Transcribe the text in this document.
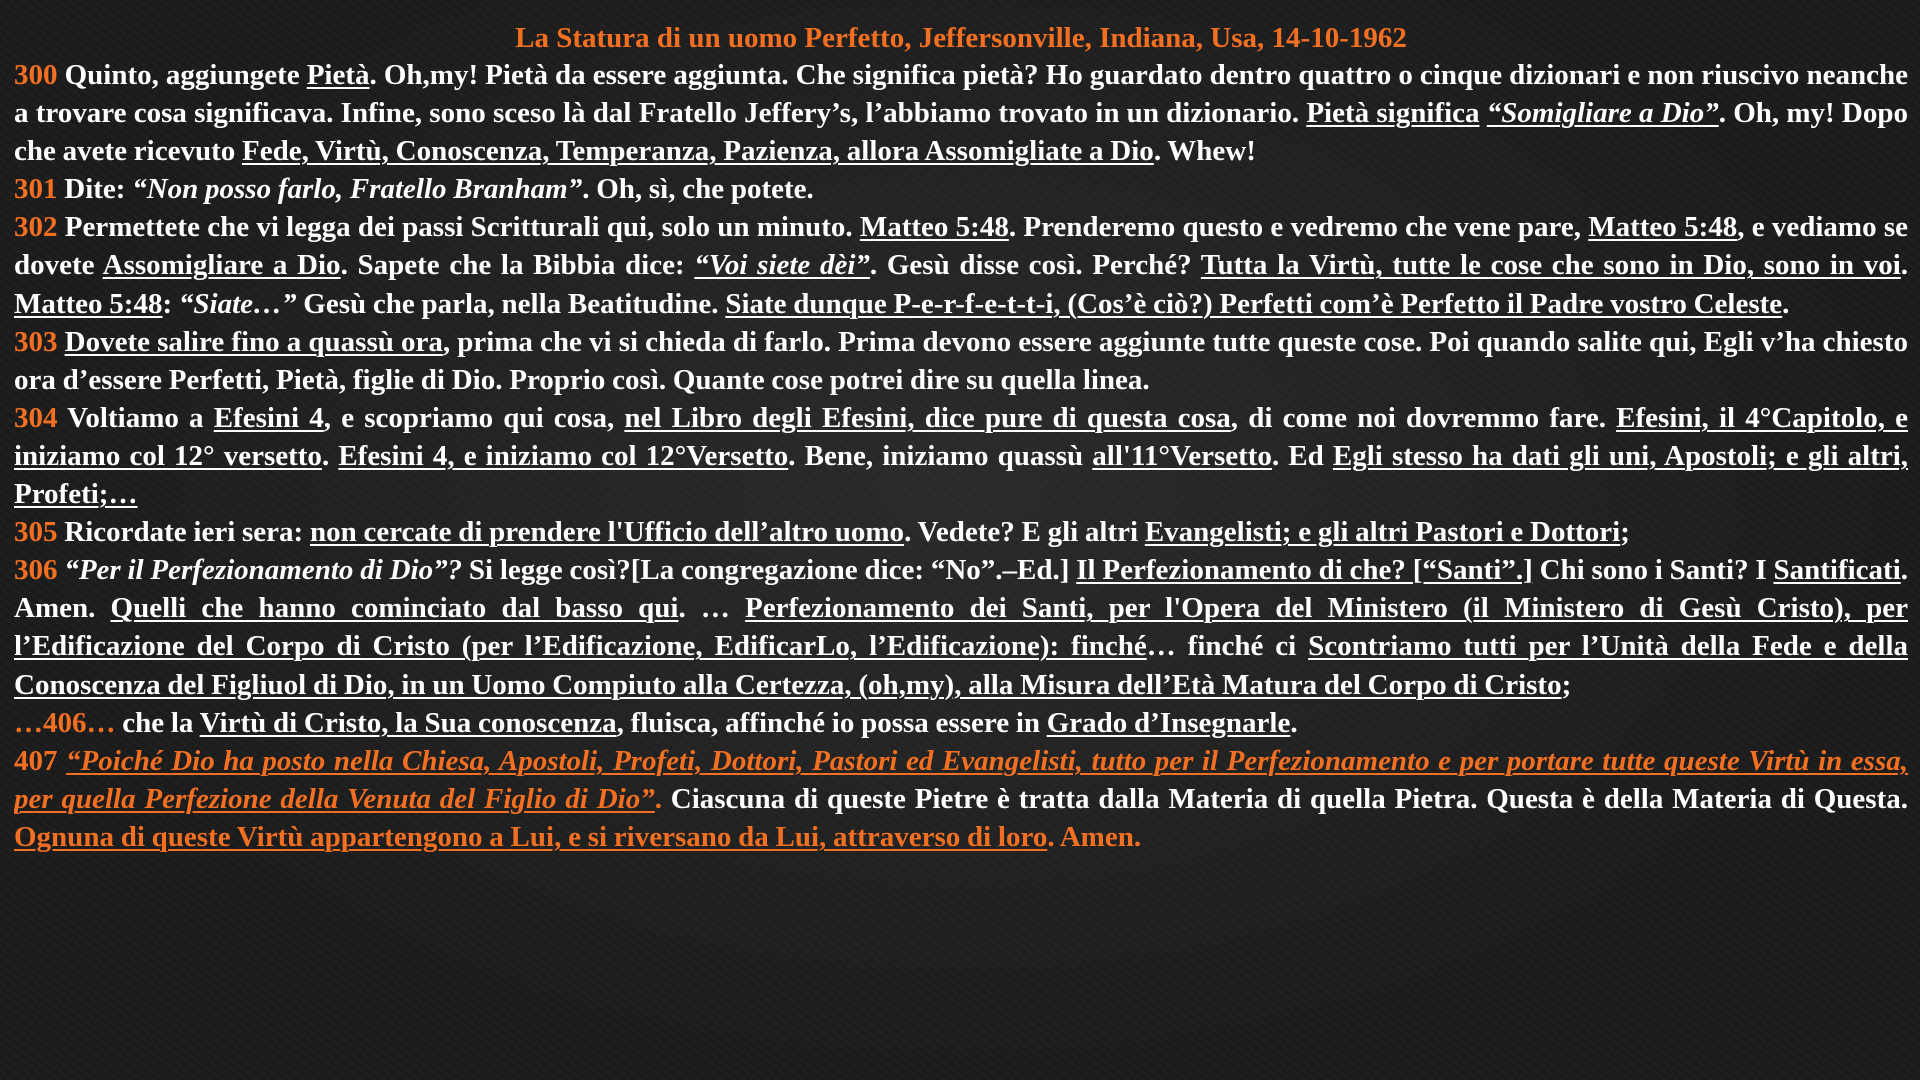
La Statura di un uomo Perfetto, Jeffersonville, Indiana, Usa, 14-10-1962

300 Quinto, aggiungete Pietà. Oh,my! Pietà da essere aggiunta. Che significa pietà? Ho guardato dentro quattro o cinque dizionari e non riuscivo neanche a trovare cosa significava. Infine, sono sceso là dal Fratello Jeffery’s, l’abbiamo trovato in un dizionario. Pietà significa “Somigliare a Dio”. Oh, my! Dopo che avete ricevuto Fede, Virtù, Conoscenza, Temperanza, Pazienza, allora Assomigliate a Dio. Whew!

301 Dite: “Non posso farlo, Fratello Branham”. Oh, sì, che potete.

302 Permettete che vi legga dei passi Scritturali qui, solo un minuto. Matteo 5:48. Prenderemo questo e vedremo che vene pare, Matteo 5:48, e vediamo se dovete Assomigliare a Dio. Sapete che la Bibbia dice: “Voi siete dèi”. Gesù disse così. Perché? Tutta la Virtù, tutte le cose che sono in Dio, sono in voi. Matteo 5:48: “Siate…” Gesù che parla, nella Beatitudine. Siate dunque P-e-r-f-e-t-t-i, (Cos’è ciò?) Perfetti com’è Perfetto il Padre vostro Celeste.

303 Dovete salire fino a quassù ora, prima che vi si chieda di farlo. Prima devono essere aggiunte tutte queste cose. Poi quando salite qui, Egli v’ha chiesto ora d’essere Perfetti, Pietà, figlie di Dio. Proprio così. Quante cose potrei dire su quella linea.

304 Voltiamo a Efesini 4, e scopriamo qui cosa, nel Libro degli Efesini, dice pure di questa cosa, di come noi dovremmo fare. Efesini, il 4°Capitolo, e iniziamo col 12° versetto. Efesini 4, e iniziamo col 12°Versetto. Bene, iniziamo quassù all'11°Versetto. Ed Egli stesso ha dati gli uni, Apostoli; e gli altri, Profeti;…

305 Ricordate ieri sera: non cercate di prendere l'Ufficio dell’altro uomo. Vedete? E gli altri Evangelisti; e gli altri Pastori e Dottori;

306 “Per il Perfezionamento di Dio”? Si legge così?[La congregazione dice: “No”.–Ed.] Il Perfezionamento di che? [“Santi”.] Chi sono i Santi? I Santificati. Amen. Quelli che hanno cominciato dal basso qui. … Perfezionamento dei Santi, per l'Opera del Ministero (il Ministero di Gesù Cristo), per l’Edificazione del Corpo di Cristo (per l’Edificazione, EdificarLo, l’Edificazione): finché… finché ci Scontriamo tutti per l’Unità della Fede e della Conoscenza del Figliuol di Dio, in un Uomo Compiuto alla Certezza, (oh,my), alla Misura dell’Età Matura del Corpo di Cristo;

…406… che la Virtù di Cristo, la Sua conoscenza, fluisca, affinché io possa essere in Grado d’Insegnarle.

407 “Poiché Dio ha posto nella Chiesa, Apostoli, Profeti, Dottori, Pastori ed Evangelisti, tutto per il Perfezionamento e per portare tutte queste Virtù in essa, per quella Perfezione della Venuta del Figlio di Dio”. Ciascuna di queste Pietre è tratta dalla Materia di quella Pietra. Questa è della Materia di Questa. Ognuna di queste Virtù appartengono a Lui, e si riversano da Lui, attraverso di loro. Amen.
